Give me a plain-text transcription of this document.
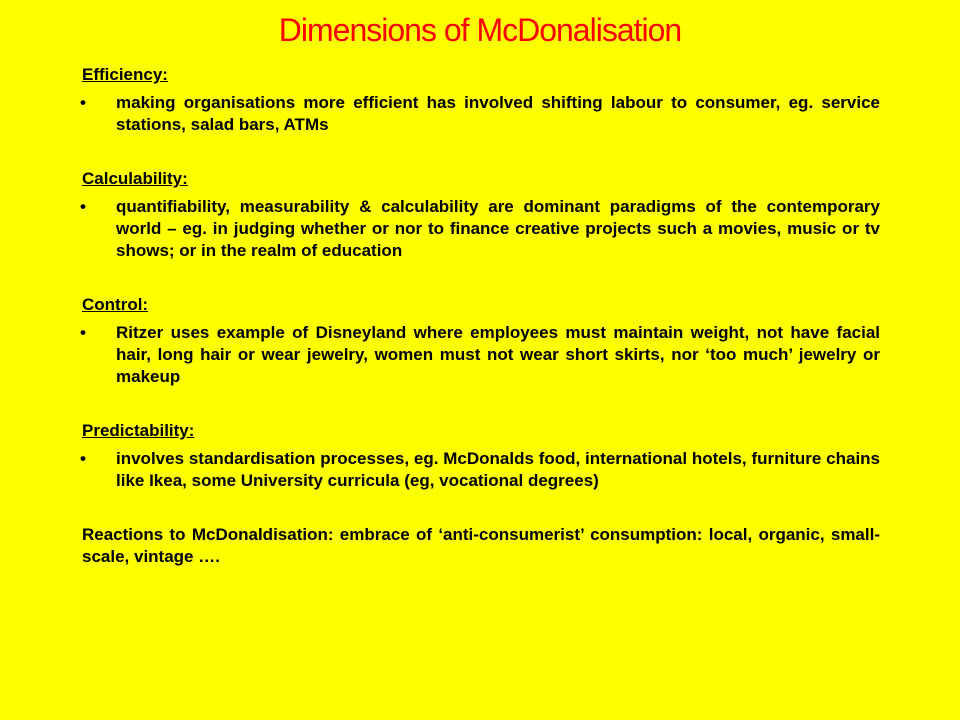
Dimensions of McDonalisation
Efficiency:
•	making organisations more efficient has involved shifting labour to consumer, eg. service stations, salad bars, ATMs
Calculability:
•	quantifiability, measurability & calculability are dominant paradigms of the contemporary world – eg. in judging whether or nor to finance creative projects such a movies, music or tv shows; or in the realm of education
Control:
•	Ritzer uses example of Disneyland where employees must maintain weight, not have facial hair, long hair or wear jewelry, women must not wear short skirts, nor ‘too much’ jewelry or makeup
Predictability:
•	involves standardisation processes, eg. McDonalds food, international hotels, furniture chains like Ikea, some University curricula (eg, vocational degrees)
Reactions to McDonaldisation: embrace of ‘anti-consumerist’ consumption: local, organic, small-scale, vintage ….
